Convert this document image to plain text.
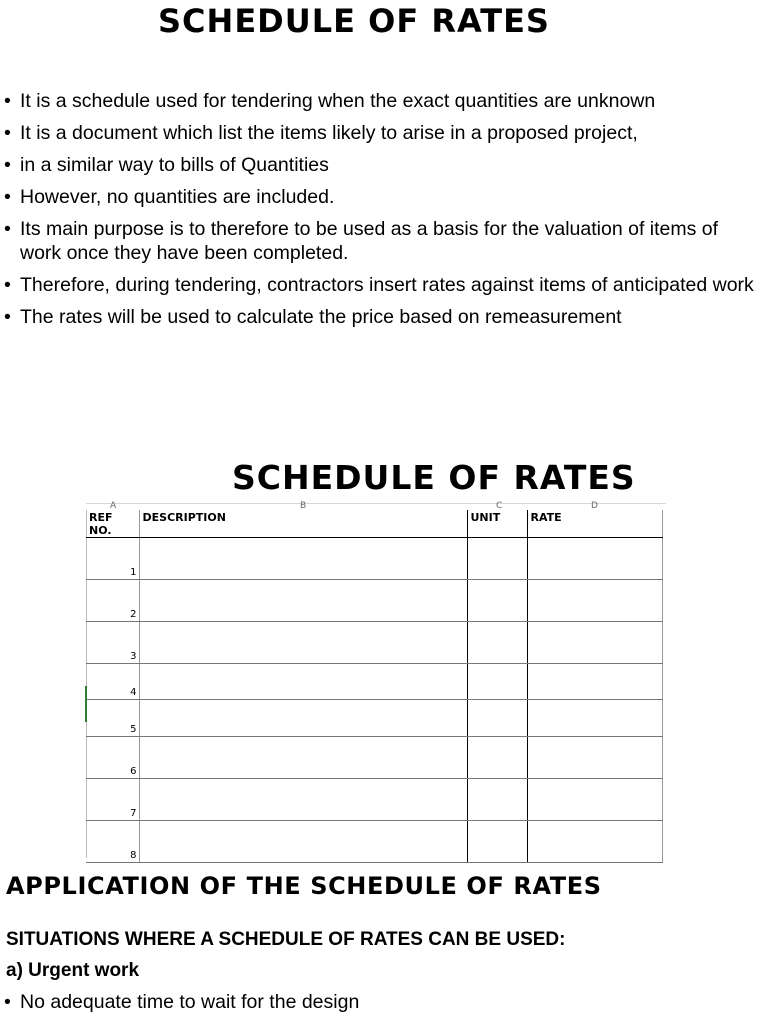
SCHEDULE OF RATES
• It is a schedule used for tendering when the exact quantities are unknown
• It is a document which list the items likely to arise in a proposed project,
• in a similar way to bills of Quantities
• However, no quantities are included.
• Its main purpose is to therefore to be used as a basis for the valuation of items of work once they have been completed.
• Therefore, during tendering, contractors insert rates against items of anticipated work
• The rates will be used to calculate the price based on remeasurement
SCHEDULE OF RATES
A	B	C	D
REF NO.	DESCRIPTION	UNIT	RATE
1			
2			
3			
4			
5			
6			
7			
8			
APPLICATION OF THE SCHEDULE OF RATES

SITUATIONS WHERE A SCHEDULE OF RATES CAN BE USED:

a) Urgent work

• No adequate time to wait for the design
